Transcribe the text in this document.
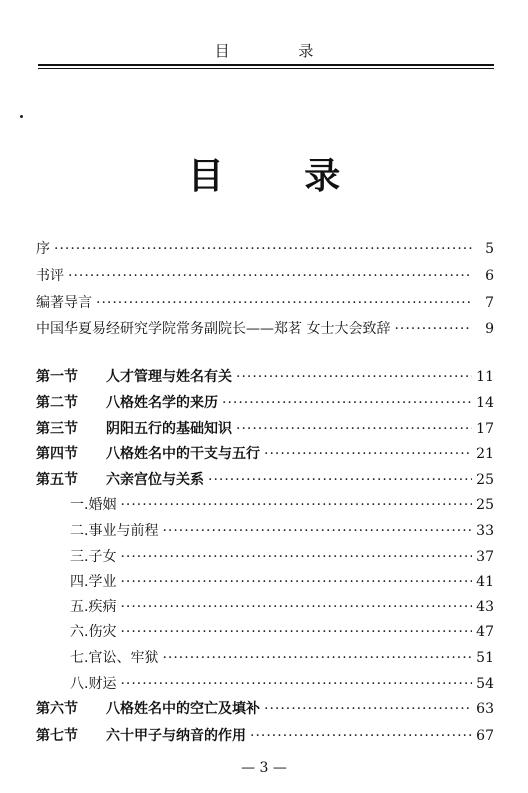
目 录
目 录
序 ·····	5
书评 ·····	6
编著导言 ·····	7
中国华夏易经研究学院常务副院长——郑茗 女士大会致辞 ·····	9
第一节	人才管理与姓名有关 ·····	11
第二节	八格姓名学的来历 ·····	14
第三节	阴阳五行的基础知识 ·····	17
第四节	八格姓名中的干支与五行 ·····	21
第五节	六亲宫位与关系 ·····	25
一.婚姻 ·····	25
二.事业与前程 ·····	33
三.子女 ·····	37
四.学业 ·····	41
五.疾病 ·····	43
六.伤灾 ·····	47
七.官讼、牢狱 ·····	51
八.财运 ·····	54
第六节	八格姓名中的空亡及填补 ·····	63
第七节	六十甲子与纳音的作用 ·····	67
— 3 —
